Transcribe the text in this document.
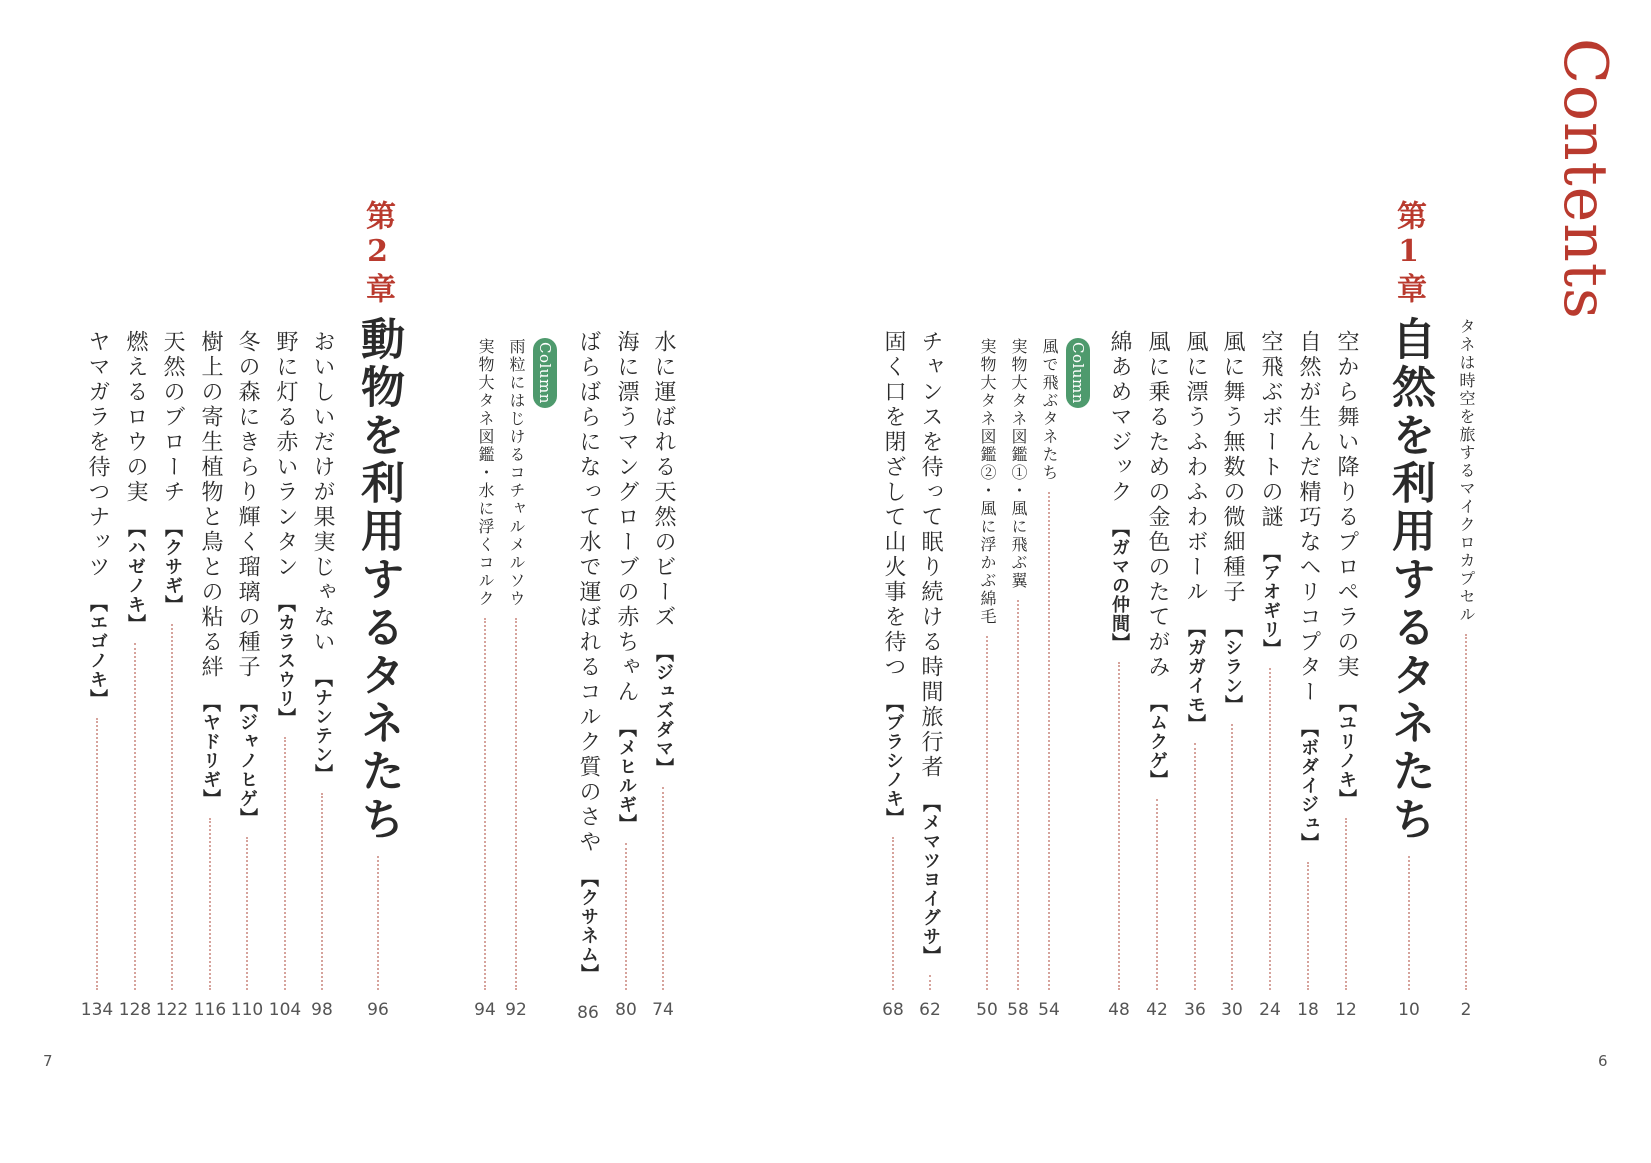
Contents
タネは時空を旅するマイクロカプセル
2
第1章
自然を利用するタネたち
10
空から舞い降りるプロペラの実
【ユリノキ】
12
自然が生んだ精巧なヘリコプター
【ボダイジュ】
18
空飛ぶボートの謎
【アオギリ】
24
風に舞う無数の微細種子
【シラン】
30
風に漂うふわふわボール
【ガガイモ】
36
風に乗るための金色のたてがみ
【ムクゲ】
42
綿あめマジック
【ガマの仲間】
48
Column
風で飛ぶタネたち
54
実物大タネ図鑑①・風に飛ぶ翼
58
実物大タネ図鑑②・風に浮かぶ綿毛
50
チャンスを待って眠り続ける時間旅行者
【メマツヨイグサ】
62
固く口を閉ざして山火事を待つ
【ブラシノキ】
68
水に運ばれる天然のビーズ
【ジュズダマ】
74
海に漂うマングローブの赤ちゃん
【メヒルギ】
80
ばらばらになって水で運ばれるコルク質のさや
【クサネム】
86
Column
雨粒にはじけるコチャルメルソウ
92
実物大タネ図鑑・水に浮くコルク
94
第2章
動物を利用するタネたち
96
おいしいだけが果実じゃない
【ナンテン】
98
野に灯る赤いランタン
【カラスウリ】
104
冬の森にきらり輝く瑠璃の種子
【ジャノヒゲ】
110
樹上の寄生植物と鳥との粘る絆
【ヤドリギ】
116
天然のブローチ
【クサギ】
122
燃えるロウの実
【ハゼノキ】
128
ヤマガラを待つナッツ
【エゴノキ】
134
7	6
